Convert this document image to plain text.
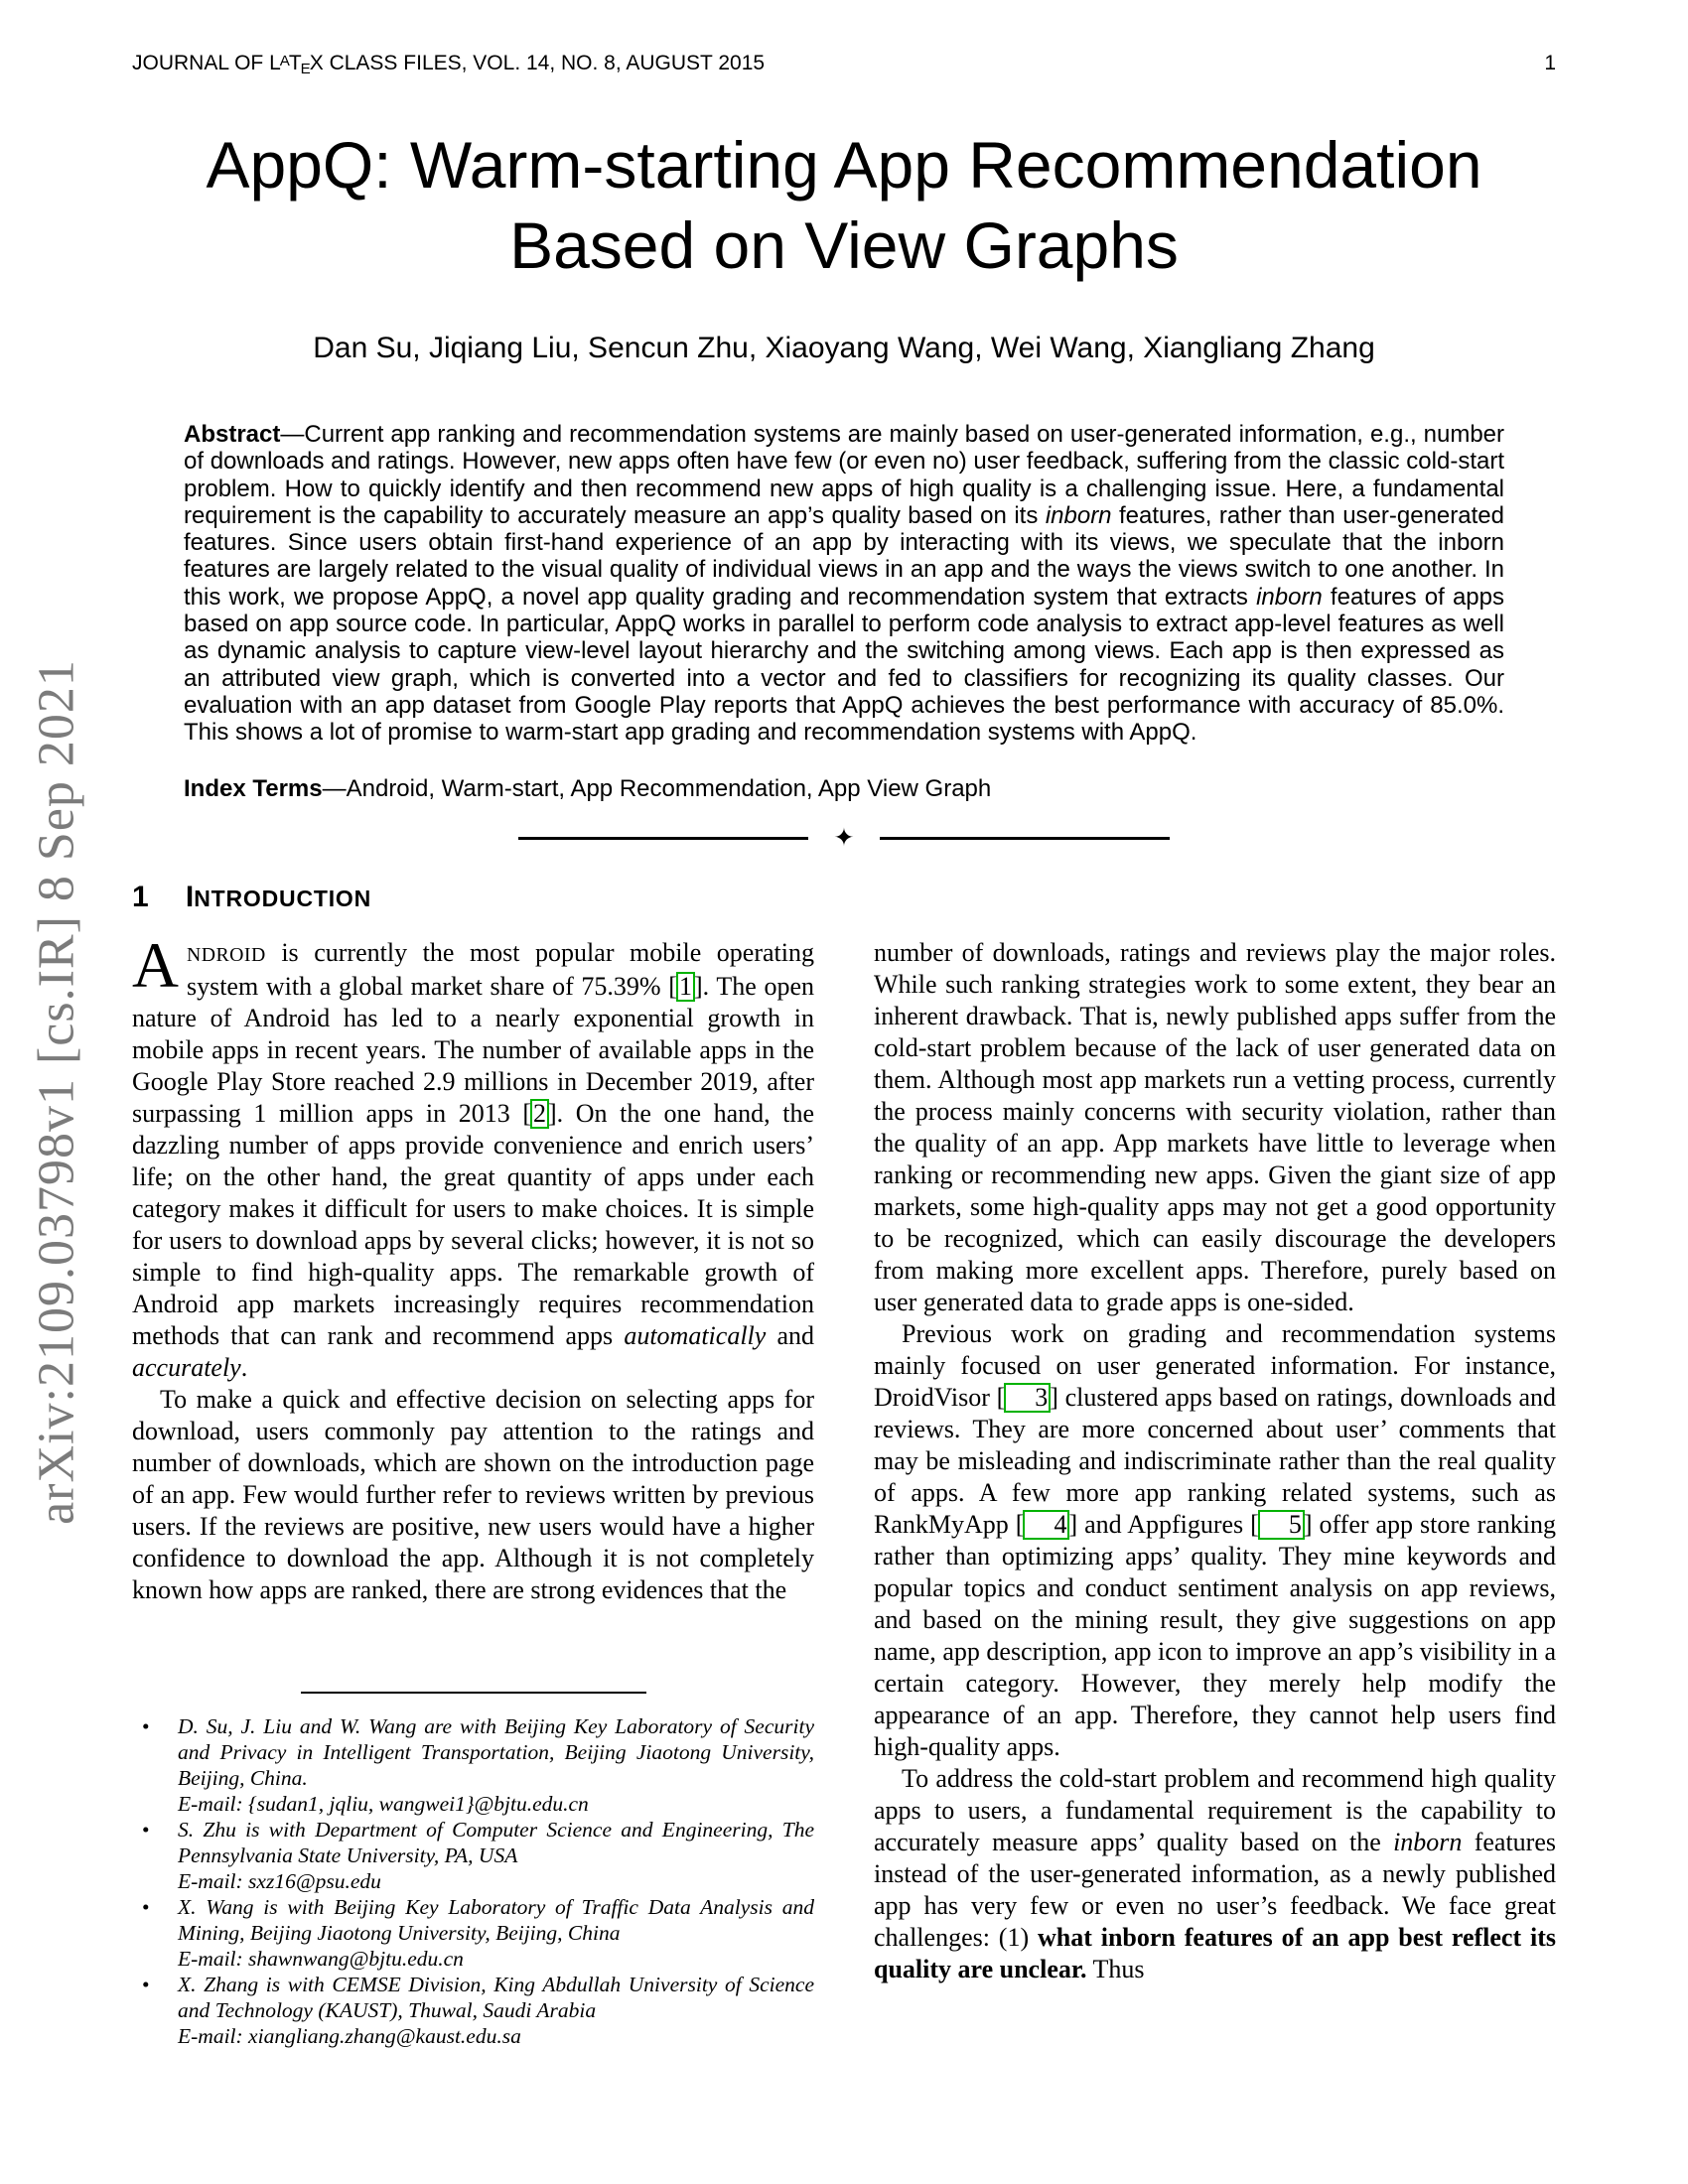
arXiv:2109.03798v1 [cs.IR] 8 Sep 2021
JOURNAL OF $L^ATEX$ CLASS FILES, VOL. 14, NO. 8, AUGUST 2015	1
AppQ: Warm-starting App Recommendation
Based on View Graphs
Dan Su, Jiqiang Liu, Sencun Zhu, Xiaoyang Wang, Wei Wang, Xiangliang Zhang
Abstract—Current app ranking and recommendation systems are mainly based on user-generated information, e.g., number of downloads and ratings. However, new apps often have few (or even no) user feedback, suffering from the classic cold-start problem. How to quickly identify and then recommend new apps of high quality is a challenging issue. Here, a fundamental requirement is the capability to accurately measure an app’s quality based on its inborn features, rather than user-generated features. Since users obtain first-hand experience of an app by interacting with its views, we speculate that the inborn features are largely related to the visual quality of individual views in an app and the ways the views switch to one another. In this work, we propose AppQ, a novel app quality grading and recommendation system that extracts inborn features of apps based on app source code. In particular, AppQ works in parallel to perform code analysis to extract app-level features as well as dynamic analysis to capture view-level layout hierarchy and the switching among views. Each app is then expressed as an attributed view graph, which is converted into a vector and fed to classifiers for recognizing its quality classes. Our evaluation with an app dataset from Google Play reports that AppQ achieves the best performance with accuracy of 85.0%. This shows a lot of promise to warm-start app grading and recommendation systems with AppQ.
Index Terms—Android, Warm-start, App Recommendation, App View Graph
✦
1 INTRODUCTION

ANDROID is currently the most popular mobile operating system with a global market share of 75.39% [1]. The open nature of Android has led to a nearly exponential growth in mobile apps in recent years. The number of available apps in the Google Play Store reached 2.9 millions in December 2019, after surpassing 1 million apps in 2013 [2]. On the one hand, the dazzling number of apps provide convenience and enrich users’ life; on the other hand, the great quantity of apps under each category makes it difficult for users to make choices. It is simple for users to download apps by several clicks; however, it is not so simple to find high-quality apps. The remarkable growth of Android app markets increasingly requires recommendation methods that can rank and recommend apps automatically and accurately.

To make a quick and effective decision on selecting apps for download, users commonly pay attention to the ratings and number of downloads, which are shown on the introduction page of an app. Few would further refer to reviews written by previous users. If the reviews are positive, new users would have a higher confidence to download the app. Although it is not completely known how apps are ranked, there are strong evidences that the

number of downloads, ratings and reviews play the major roles. While such ranking strategies work to some extent, they bear an inherent drawback. That is, newly published apps suffer from the cold-start problem because of the lack of user generated data on them. Although most app markets run a vetting process, currently the process mainly concerns with security violation, rather than the quality of an app. App markets have little to leverage when ranking or recommending new apps. Given the giant size of app markets, some high-quality apps may not get a good opportunity to be recognized, which can easily discourage the developers from making more excellent apps. Therefore, purely based on user generated data to grade apps is one-sided.

Previous work on grading and recommendation systems mainly focused on user generated information. For instance, DroidVisor [ 3] clustered apps based on ratings, downloads and reviews. They are more concerned about user’ comments that may be misleading and indiscriminate rather than the real quality of apps. A few more app ranking related systems, such as RankMyApp [ 4] and Appfigures [ 5] offer app store ranking rather than optimizing apps’ quality. They mine keywords and popular topics and conduct sentiment analysis on app reviews, and based on the mining result, they give suggestions on app name, app description, app icon to improve an app’s visibility in a certain category. However, they merely help modify the appearance of an app. Therefore, they cannot help users find high-quality apps.

To address the cold-start problem and recommend high quality apps to users, a fundamental requirement is the capability to accurately measure apps’ quality based on the inborn features instead of the user-generated information, as a newly published app has very few or even no user’s feedback. We face great challenges: (1) what inborn features of an app best reflect its quality are unclear. Thus

•	D. Su, J. Liu and W. Wang are with Beijing Key Laboratory of Security and Privacy in Intelligent Transportation, Beijing Jiaotong University, Beijing, China.
E-mail: {sudan1, jqliu, wangwei1}@bjtu.edu.cn
•	S. Zhu is with Department of Computer Science and Engineering, The Pennsylvania State University, PA, USA
E-mail: sxz16@psu.edu
•	X. Wang is with Beijing Key Laboratory of Traffic Data Analysis and Mining, Beijing Jiaotong University, Beijing, China
E-mail: shawnwang@bjtu.edu.cn
•	X. Zhang is with CEMSE Division, King Abdullah University of Science and Technology (KAUST), Thuwal, Saudi Arabia
E-mail: xiangliang.zhang@kaust.edu.sa
